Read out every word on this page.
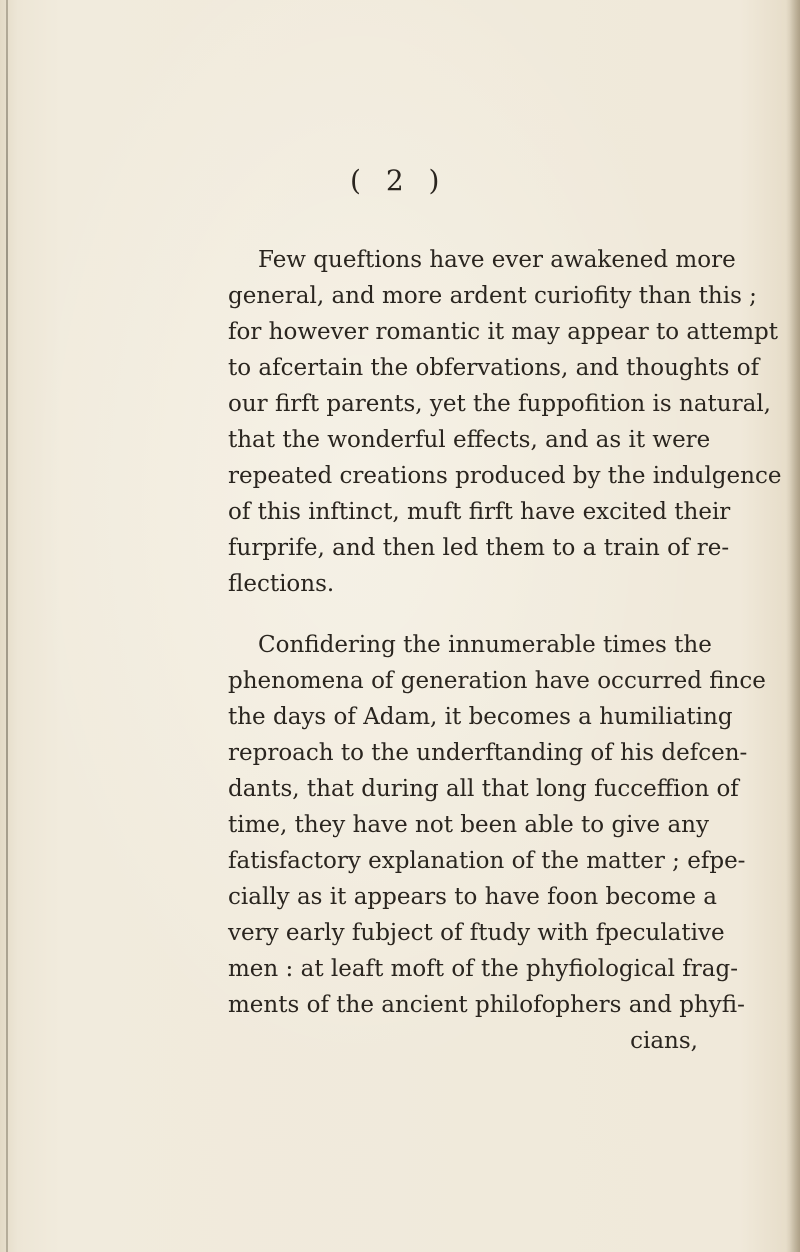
( 2 )
Few queftions have ever awakened more
general, and more ardent curiofity than this ;
for however romantic it may appear to attempt
to afcertain the obfervations, and thoughts of
our firft parents, yet the fuppofition is natural,
that the wonderful effects, and as it were
repeated creations produced by the indulgence
of this inftinct, muft firft have excited their
furprife, and then led them to a train of re-
flections.
Confidering the innumerable times the
phenomena of generation have occurred fince
the days of Adam, it becomes a humiliating
reproach to the underftanding of his defcen-
dants, that during all that long fucceffion of
time, they have not been able to give any
fatisfactory explanation of the matter ; efpe-
cially as it appears to have foon become a
very early fubject of ftudy with fpeculative
men : at leaft moft of the phyfiological frag-
ments of the ancient philofophers and phyfi-
cians,
